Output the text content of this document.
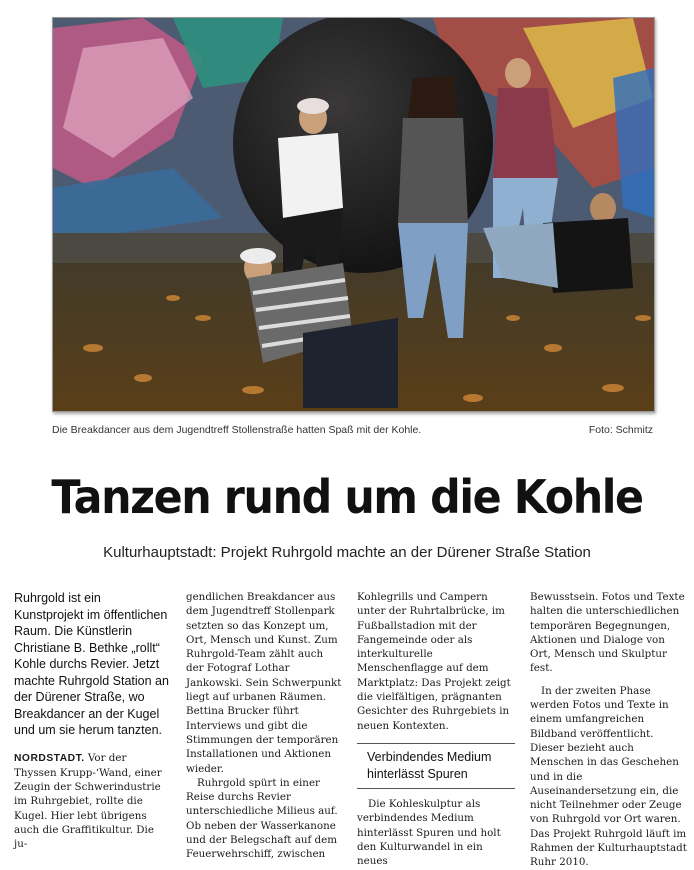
Die Breakdancer aus dem Jugendtreff Stollenstraße hatten Spaß mit der Kohle.	Foto: Schmitz
Tanzen rund um die Kohle
Kulturhauptstadt: Projekt Ruhrgold machte an der Dürener Straße Station

Ruhrgold ist ein Kunstprojekt im öffentlichen Raum. Die Künstlerin Christiane B. Bethke „rollt“ Kohle durchs Revier. Jetzt machte Ruhrgold Station an der Dürener Straße, wo Breakdancer an der Kugel und um sie herum tanzten.

NORDSTADT. Vor der Thyssen Krupp-‘Wand‚ einer Zeugin der Schwerindustrie im Ruhrgebiet, rollte die Kugel. Hier lebt übrigens auch die Graffitikultur. Die ju-

gendlichen Breakdancer aus dem Jugendtreff Stollenpark setzten so das Konzept um, Ort, Mensch und Kunst. Zum Ruhrgold-Team zählt auch der Fotograf Lothar Jankowski. Sein Schwerpunkt liegt auf urbanen Räumen. Bettina Brucker führt Interviews und gibt die Stimmungen der temporären Installationen und Aktionen wieder.

Ruhrgold spürt in einer Reise durchs Revier unterschiedliche Milieus auf. Ob neben der Wasserkanone und der Belegschaft auf dem Feuerwehrschiff, zwischen

Kohlegrills und Campern unter der Ruhrtalbrücke, im Fußballstadion mit der Fangemeinde oder als interkulturelle Menschenflagge auf dem Marktplatz: Das Projekt zeigt die vielfältigen, prägnanten Gesichter des Ruhrgebiets in neuen Kontexten.

Verbindendes Medium hinterlässt Spuren

Die Kohleskulptur als verbindendes Medium hinterlässt Spuren und holt den Kulturwandel in ein neues

Bewusstsein. Fotos und Texte halten die unterschiedlichen temporären Begegnungen, Aktionen und Dialoge von Ort, Mensch und Skulptur fest.

In der zweiten Phase werden Fotos und Texte in einem umfangreichen Bildband veröffentlicht. Dieser bezieht auch Menschen in das Geschehen und in die Auseinandersetzung ein, die nicht Teilnehmer oder Zeuge von Ruhrgold vor Ort waren. Das Projekt Ruhrgold läuft im Rahmen der Kulturhauptstadt Ruhr 2010.
